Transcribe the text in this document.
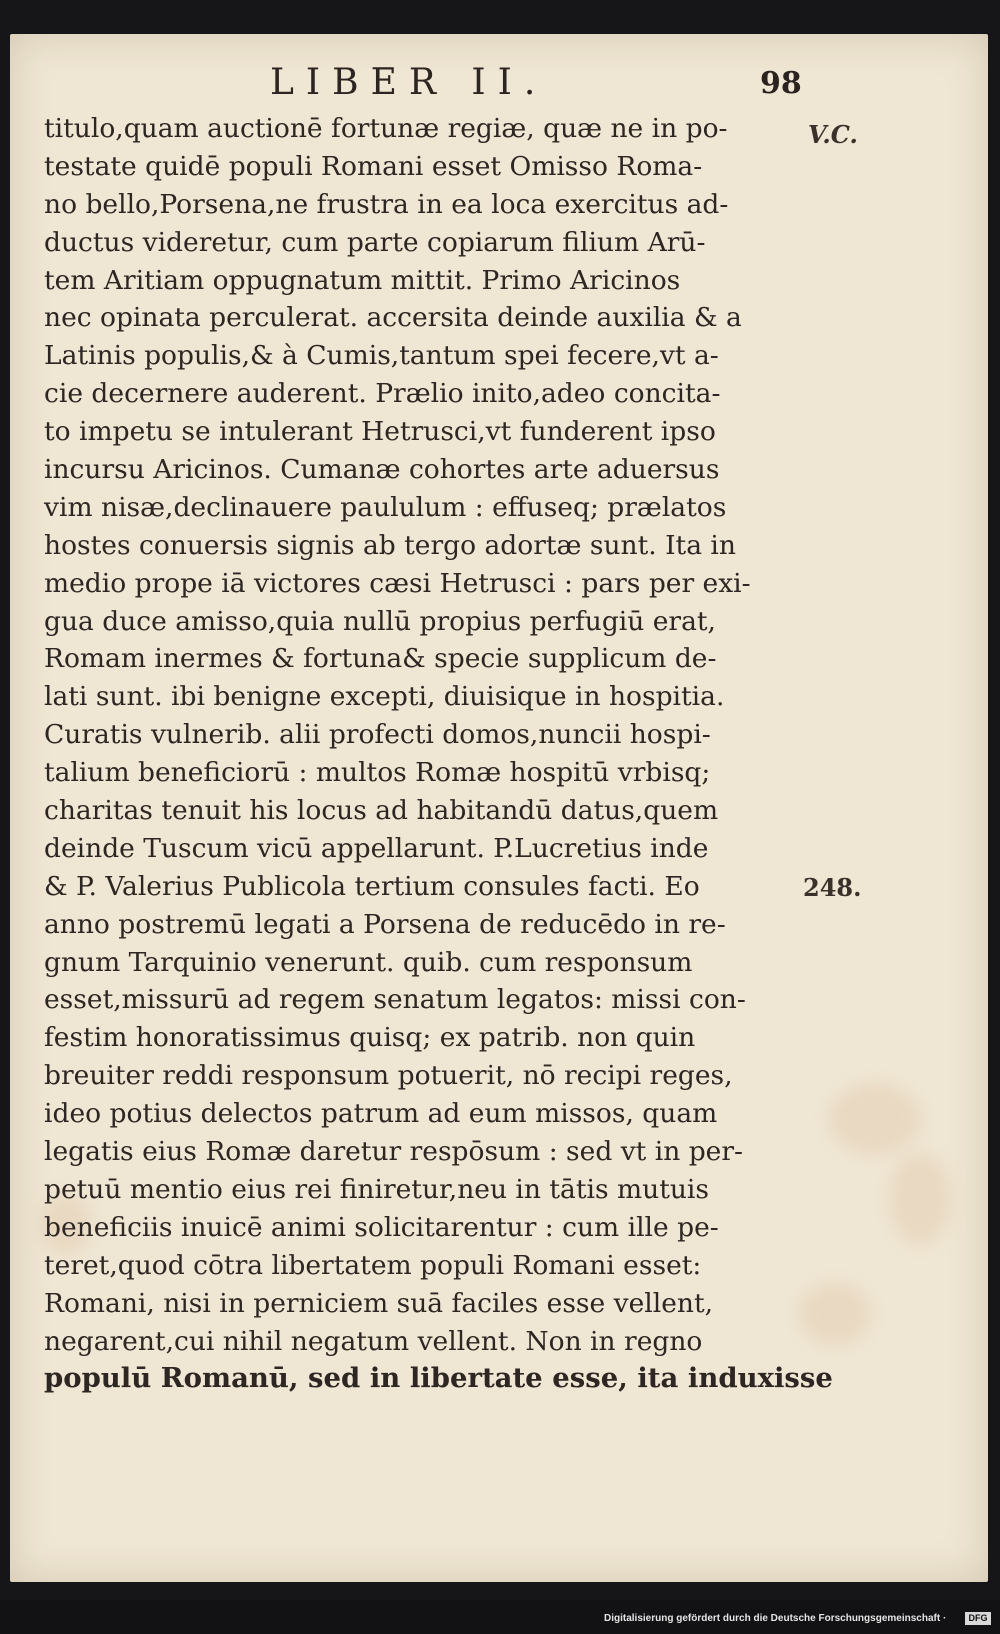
LIBER II.	98
V.C.
248.
titulo,quam auctionē fortunæ regiæ, quæ ne in po-
testate quidē populi Romani esset Omisso Roma-
no bello,Porsena,ne frustra in ea loca exercitus ad-
ductus videretur, cum parte copiarum filium Arū-
tem Aritiam oppugnatum mittit. Primo Aricinos
nec opinata perculerat. accersita deinde auxilia & a
Latinis populis,& à Cumis,tantum spei fecere,vt a-
cie decernere auderent. Prælio inito,adeo concita-
to impetu se intulerant Hetrusci,vt funderent ipso
incursu Aricinos. Cumanæ cohortes arte aduersus
vim nisæ,declinauere paululum : effuseq; prælatos
hostes conuersis signis ab tergo adortæ sunt. Ita in
medio prope iā victores cæsi Hetrusci : pars per exi-
gua duce amisso,quia nullū propius perfugiū erat,
Romam inermes & fortuna& specie supplicum de-
lati sunt. ibi benigne excepti, diuisique in hospitia.
Curatis vulnerib. alii profecti domos,nuncii hospi-
talium beneficiorū : multos Romæ hospitū vrbisq;
charitas tenuit his locus ad habitandū datus,quem
deinde Tuscum vicū appellarunt. P.Lucretius inde
& P. Valerius Publicola tertium consules facti. Eo
anno postremū legati a Porsena de reducēdo in re-
gnum Tarquinio venerunt. quib. cum responsum
esset,missurū ad regem senatum legatos: missi con-
festim honoratissimus quisq; ex patrib. non quin
breuiter reddi responsum potuerit, nō recipi reges,
ideo potius delectos patrum ad eum missos, quam
legatis eius Romæ daretur respōsum : sed vt in per-
petuū mentio eius rei finiretur,neu in tātis mutuis
beneficiis inuicē animi solicitarentur : cum ille pe-
teret,quod cōtra libertatem populi Romani esset:
Romani, nisi in perniciem suā faciles esse vellent,
negarent,cui nihil negatum vellent. Non in regno
populū Romanū, sed in libertate esse, ita induxisse
Digitalisierung gefördert durch die Deutsche Forschungsgemeinschaft ·	DFG
